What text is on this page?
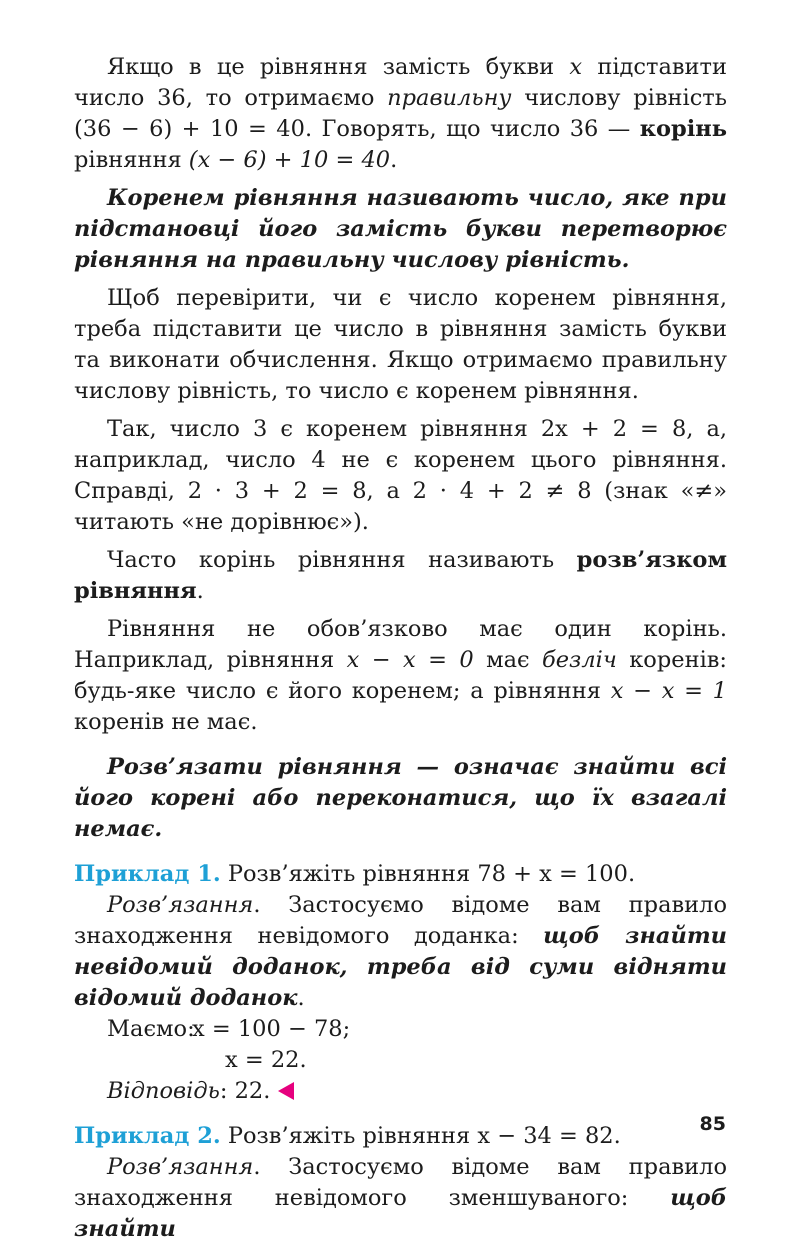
Якщо в це рівняння замість букви x підставити число 36, то отримаємо правильну числову рівність (36 − 6) + 10 = 40. Говорять, що число 36 — корінь рівняння (x − 6) + 10 = 40.

Коренем рівняння називають число, яке при підстановці його замість букви перетворює рівняння на правильну числову рівність.

Щоб перевірити, чи є число коренем рівняння, треба підставити це число в рівняння замість букви та виконати обчислення. Якщо отримаємо правильну числову рівність, то число є коренем рівняння.

Так, число 3 є коренем рівняння 2x + 2 = 8, а, наприклад, число 4 не є коренем цього рівняння. Справді, 2 · 3 + 2 = 8, а 2 · 4 + 2 ≠ 8 (знак «≠» читають «не дорівнює»).

Часто корінь рівняння називають розв’язком рівняння.

Рівняння не обов’язково має один корінь. Наприклад, рівняння x − x = 0 має безліч коренів: будь-яке число є його коренем; а рівняння x − x = 1 коренів не має.

Розв’язати рівняння — означає знайти всі його корені або переконатися, що їх взагалі немає.

Приклад 1. Розв’яжіть рівняння 78 + x = 100.

Розв’язання. Застосуємо відоме вам правило знаходження невідомого доданка: щоб знайти невідомий доданок, треба від суми відняти відомий доданок.

Маємо:x = 100 − 78;
x = 22.
Відповідь: 22.

Приклад 2. Розв’яжіть рівняння x − 34 = 82.

Розв’язання. Застосуємо відоме вам правило знаходження невідомого зменшуваного: щоб знайти

85
